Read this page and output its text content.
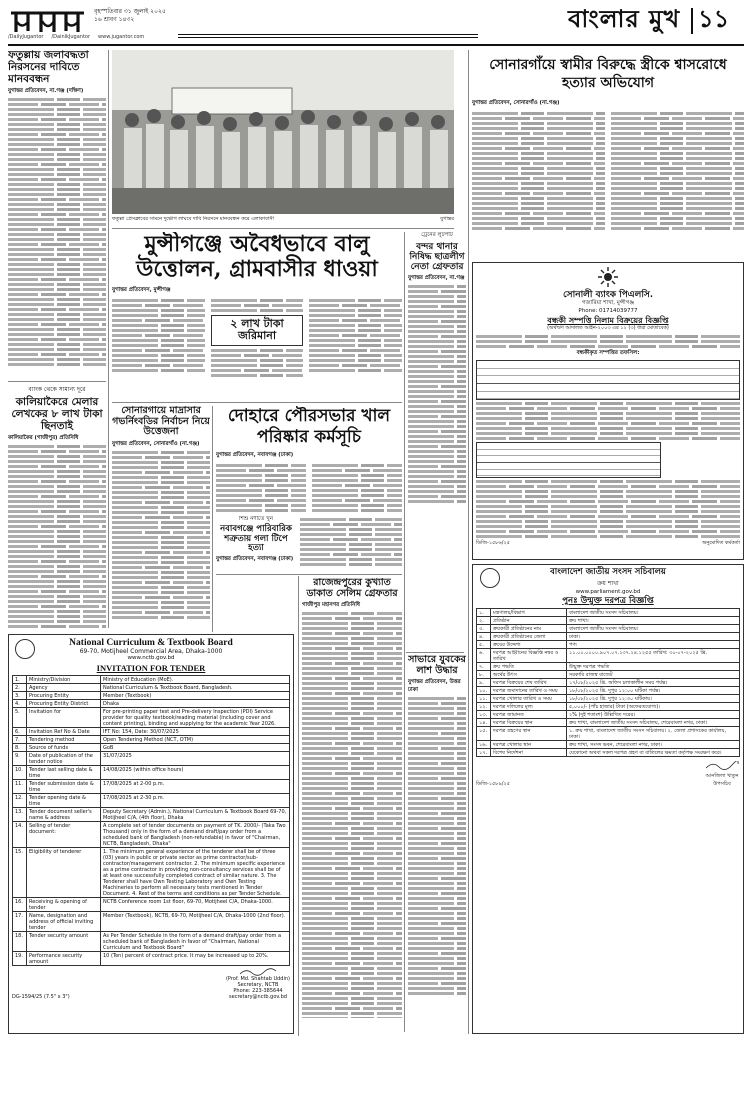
বৃহস্পতিবার ৩১ জুলাই ২০২৫
১৬ শ্রাবণ ১৪৩২
/DailyJugantor /DainikJugantor www.jugantor.com
বাংলার মুখ ১১
ফতুল্লায় জলাবদ্ধতা নিরসনের দাবিতে মানববন্ধন
যুগান্তর প্রতিবেদন, না.গঞ্জ (দক্ষিণ)
ব্যাংক থেকে সামান্য দূরে
কালিয়াকৈরে মেলার লেখকের ৮ লাখ টাকা ছিনতাই
কালিয়াকৈর (গাজীপুর) প্রতিনিধি
ফতুল্লা প্রেসক্লাবের সামনে দুর্ভোগ লাঘবে দাবি নিরসনে মানববন্ধন করে এলাকাবাসী	যুগান্তর
মুন্সীগঞ্জে অবৈধভাবে বালু উত্তোলন, গ্রামবাসীর ধাওয়া
যুগান্তর প্রতিবেদন, মুন্সীগঞ্জ
২ লাখ টাকা জরিমানা
ট্রেনের লুটপাট
বন্দর থানার নিষিদ্ধ ছাত্রলীগ নেতা গ্রেফতার
যুগান্তর প্রতিবেদন, না.গঞ্জ
সোনারগাঁয়ে মাদ্রাসার গভর্নিংবডির নির্বাচন নিয়ে উত্তেজনা
যুগান্তর প্রতিবেদন, সোনারগাঁও (না.গঞ্জ)
দোহারে পৌরসভার খাল পরিষ্কার কর্মসূচি
যুগান্তর প্রতিবেদন, নবাবগঞ্জ (ঢাকা)
রাজেন্দ্রপুরের কুখ্যাত ডাকাত সেলিম গ্রেফতার
গাজীপুর মহানগর প্রতিনিধি
সাভারে যুবকের লাশ উদ্ধার
যুগান্তর প্রতিবেদন, উত্তর ঢাকা
National Curriculum & Textbook Board
69-70, Motijheel Commercial Area, Dhaka-1000
www.nctb.gov.bd
INVITATION FOR TENDER
1.	Ministry/Division	Ministry of Education (MoE).
2.	Agency	National Curriculum & Textbook Board, Bangladesh.
3.	Procuring Entity	Member (Textbook)
4.	Procuring Entity District	Dhaka
5.	Invitation for	For pre-printing paper test and Pre-delivery Inspection (PDI) Service provider for quality textbook/reading material (including cover and content printing), binding and supplying for the academic Year 2026.
6.	Invitation Ref No & Date	IFT No: 154, Date: 30/07/2025
7.	Tendering method	Open Tendering Method (NCT, OTM)
8.	Source of funds	GoB
9.	Date of publication of the tender notice	31/07/2025
10.	Tender last selling date & time	14/08/2025 (within office hours)
11.	Tender submission date & time	17/08/2025 at 2-00 p.m.
12.	Tender opening date & time	17/08/2025 at 2-30 p.m.
13.	Tender document seller's name & address	Deputy Secretary (Admin.), National Curriculum & Textbook Board 69-70, Motijheel C/A, (4th floor), Dhaka
14.	Selling of tender document:	A complete set of tender documents on payment of TK. 2000/- (Taka Two Thousand) only in the form of a demand draft/pay order from a scheduled bank of Bangladesh (non-refundable) in favor of "Chairman, NCTB, Bangladesh, Dhaka"
15.	Eligibility of tenderer	1. The minimum general experience of the tenderer shall be of three (03) years in public or private sector as prime contractor/sub-contractor/management contractor. 2. The minimum specific experience as a prime contractor in providing non-consultancy services shall be of at least one successfully completed contract of similar nature. 3. The Tenderer shall have Own Testing Laboratory and Own Testing Machineries to perform all necessary tests mentioned in Tender Document. 4. Rest of the terms and conditions as per Tender Schedule.
16.	Receiving & opening of tender	NCTB Conference room 1st floor, 69-70, Motijheel C/A, Dhaka-1000.
17.	Name, designation and address of official inviting tender	Member (Textbook), NCTB, 69-70, Motijheel C/A, Dhaka-1000 (2nd floor).
18.	Tender security amount	As Per Tender Schedule in the form of a demand draft/pay order from a scheduled bank of Bangladesh in favor of "Chairman, National Curriculum and Textbook Board"
19.	Performance security amount	10 (Ten) percent of contract price. It may be increased up to 20%.
DG-1594/25 (7.5" x 3")
(Prof. Md. Shahtab Uddin)
Secretary, NCTB
Phone: 223-385644
secretary@nctb.gov.bd
সোনারগাঁয়ে স্বামীর বিরুদ্ধে স্ত্রীকে শ্বাসরোধে হত্যার অভিযোগ
যুগান্তর প্রতিবেদন, সোনারগাঁও (না.গঞ্জ)
সোনালী ব্যাংক পিএলসি.
গজারিয়া শাখা, মুন্সীগঞ্জ
Phone: 01714039777
বন্ধকী সম্পত্তি নিলাম বিক্রয়ের বিজ্ঞপ্তি
(অর্থঋণ আদালত আইন-২০০৩ এর ১২ (৩) ধারা মোতাবেক)
বন্ধকীকৃত সম্পত্তির তফসিল:
ডিজি-১৫৮৬/২৫	অনুমোদিত কর্মকর্তা
বাংলাদেশ জাতীয় সংসদ সচিবালয়
ক্রয় শাখা
www.parliament.gov.bd
পুনঃ উন্মুক্ত দরপত্র বিজ্ঞপ্তি
১.	মন্ত্রণালয়/বিভাগ	বাংলাদেশ জাতীয় সংসদ সচিবালয়।
২.	প্রতিষ্ঠান	ক্রয় শাখা।
৩.	ক্রয়কারী প্রতিষ্ঠানের নাম	বাংলাদেশ জাতীয় সংসদ সচিবালয়।
৪.	ক্রয়কারী প্রতিষ্ঠানের জেলা	ঢাকা।
৫.	ক্রয়ের উদ্দেশ্য	পণ্য
৬.	দরপত্র আহ্বানের বিজ্ঞপ্তি নম্বর ও তারিখ	১১.০০.০০০০.৯০৭.০৭.১৩৭.২৪.১২৫৫ তারিখ: ৩০-০৭-২০২৫ খ্রি.
৭.	ক্রয় পদ্ধতি	উন্মুক্ত দরপত্র পদ্ধতি
৮.	অর্থের উৎস	সরকারি রাজস্ব বাজেট
৯.	দরপত্র বিক্রয়ের শেষ তারিখ	১৭/০৮/২০২৫ খ্রি. অফিস চলাকালীন সময় পর্যন্ত।
১০.	দরপত্র জমাদানের তারিখ ও সময়	১৮/০৮/২০২৫ খ্রি. দুপুর ১২:০০ ঘটিকা পর্যন্ত।
১১.	দরপত্র খোলার তারিখ ও সময়	১৮/০৮/২০২৫ খ্রি. দুপুর ১২:৩০ ঘটিকায়।
১২.	দরপত্র দলিলের মূল্য	৫,০০০/- (পাঁচ হাজার) টাকা (অফেরতযোগ্য)।
১৩.	দরপত্র জামানত	২% (দুই শতাংশ) উল্লিখিত দরের।
১৪.	দরপত্র বিক্রয়ের স্থান	ক্রয় শাখা, বাংলাদেশ জাতীয় সংসদ সচিবালয়, শেরেবাংলা নগর, ঢাকা।
১৫.	দরপত্র গ্রহণের স্থান	১. ক্রয় শাখা, বাংলাদেশ জাতীয় সংসদ সচিবালয়। ২. জেলা প্রশাসকের কার্যালয়, ঢাকা।
১৬.	দরপত্র খোলার স্থান	ক্রয় শাখা, সংসদ ভবন, শেরেবাংলা নগর, ঢাকা।
১৭.	বিশেষ নির্দেশনা	যেকোনো অথবা সকল দরপত্র গ্রহণ বা বাতিলের ক্ষমতা কর্তৃপক্ষ সংরক্ষণ করে।
ডিজি-১৫৮৯/২৫
আনজিলা খাতুন
উপসচিব
শিশু নদীতে খুন
নবাবগঞ্জে পারিবারিক শত্রুতায় গলা টিপে হত্যা
যুগান্তর প্রতিবেদন, নবাবগঞ্জ (ঢাকা)
